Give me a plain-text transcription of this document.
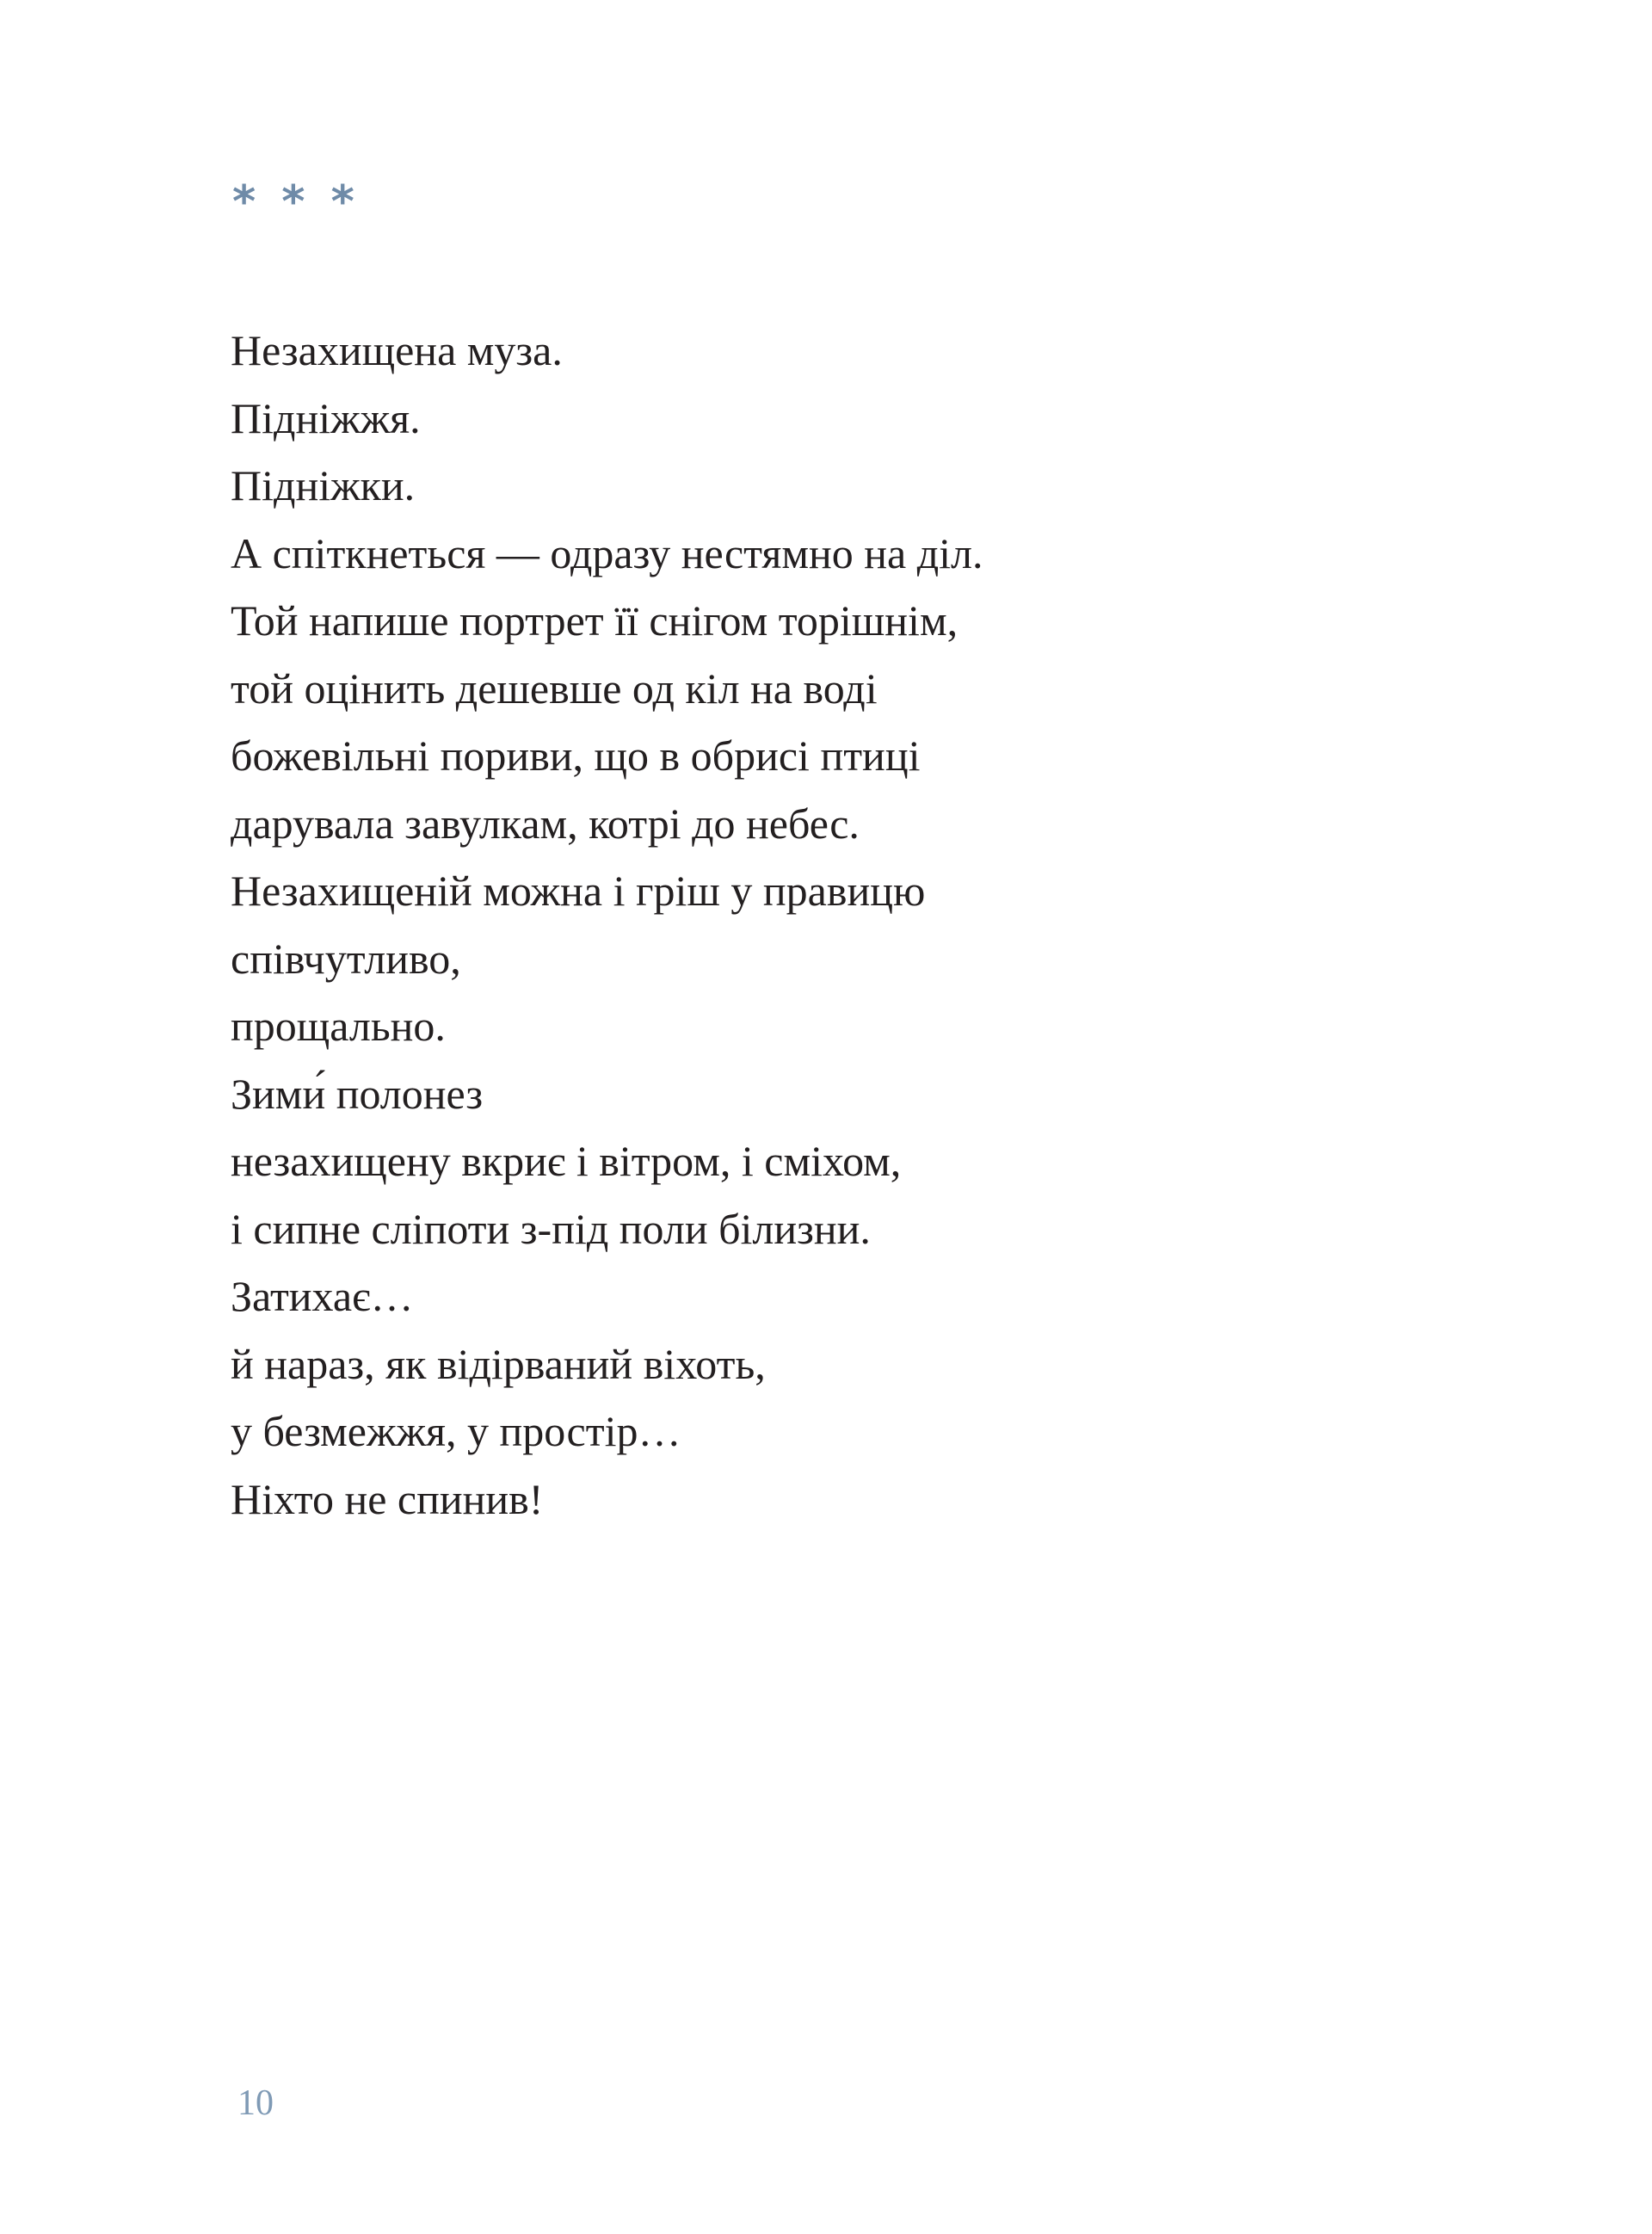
* * *
Незахищена муза.
Підніжжя.
Підніжки.
А спіткнеться — одразу нестямно на діл.
Той напише портрет її снігом торішнім,
той оцінить дешевше од кіл на воді
божевільні пориви, що в обрисі птиці
дарувала завулкам, котрі до небес.
Незахищеній можна і гріш у правицю
співчутливо,
прощально.
Зими́ полонез
незахищену вкриє і вітром, і сміхом,
і сипне сліпоти з-під поли білизни.
Затихає…
й нараз, як відірваний віхоть,
у безмежжя, у простір…
Ніхто не спинив!
10
